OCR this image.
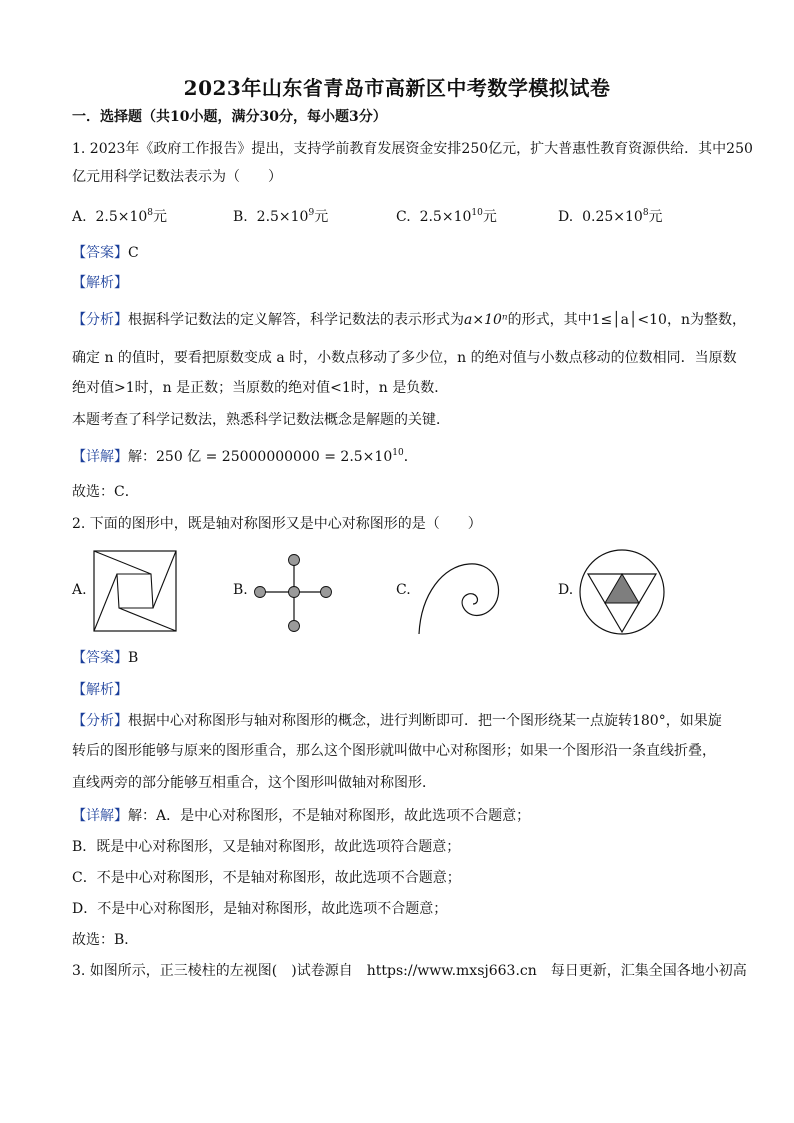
2023年山东省青岛市高新区中考数学模拟试卷
一．选择题（共10小题，满分30分，每小题3分）
1. 2023年《政府工作报告》提出，支持学前教育发展资金安排250亿元，扩大普惠性教育资源供给．其中250
亿元用科学记数法表示为（　　）
A. $2.5\times 10^8$元	B. $2.5\times 10^9$元	C. $2.5\times 10^{10}$元	D. $0.25\times 10^8$元
【答案】C
【解析】
【分析】根据科学记数法的定义解答，科学记数法的表示形式为a×10ⁿ的形式，其中1≤│a│<10，n为整数，
确定 n 的值时，要看把原数变成 a 时，小数点移动了多少位，n 的绝对值与小数点移动的位数相同．当原数
绝对值>1时，n 是正数；当原数的绝对值<1时，n 是负数．
本题考查了科学记数法，熟悉科学记数法概念是解题的关键．
【详解】解：250 亿 = $25000000000 = 2.5\times 10^{10}$．
故选：C．
2. 下面的图形中，既是轴对称图形又是中心对称图形的是（　　）
A.	B.	C.	D.
【答案】B
【解析】
【分析】根据中心对称图形与轴对称图形的概念，进行判断即可．把一个图形绕某一点旋转180°，如果旋
转后的图形能够与原来的图形重合，那么这个图形就叫做中心对称图形；如果一个图形沿一条直线折叠，
直线两旁的部分能够互相重合，这个图形叫做轴对称图形．
【详解】解：A．是中心对称图形，不是轴对称图形，故此选项不合题意；
B．既是中心对称图形，又是轴对称图形，故此选项符合题意；
C．不是中心对称图形，不是轴对称图形，故此选项不合题意；
D．不是中心对称图形，是轴对称图形，故此选项不合题意；
故选：B．
3. 如图所示，正三棱柱的左视图(　)试卷源自　https://www.mxsj663.cn　每日更新，汇集全国各地小初高
